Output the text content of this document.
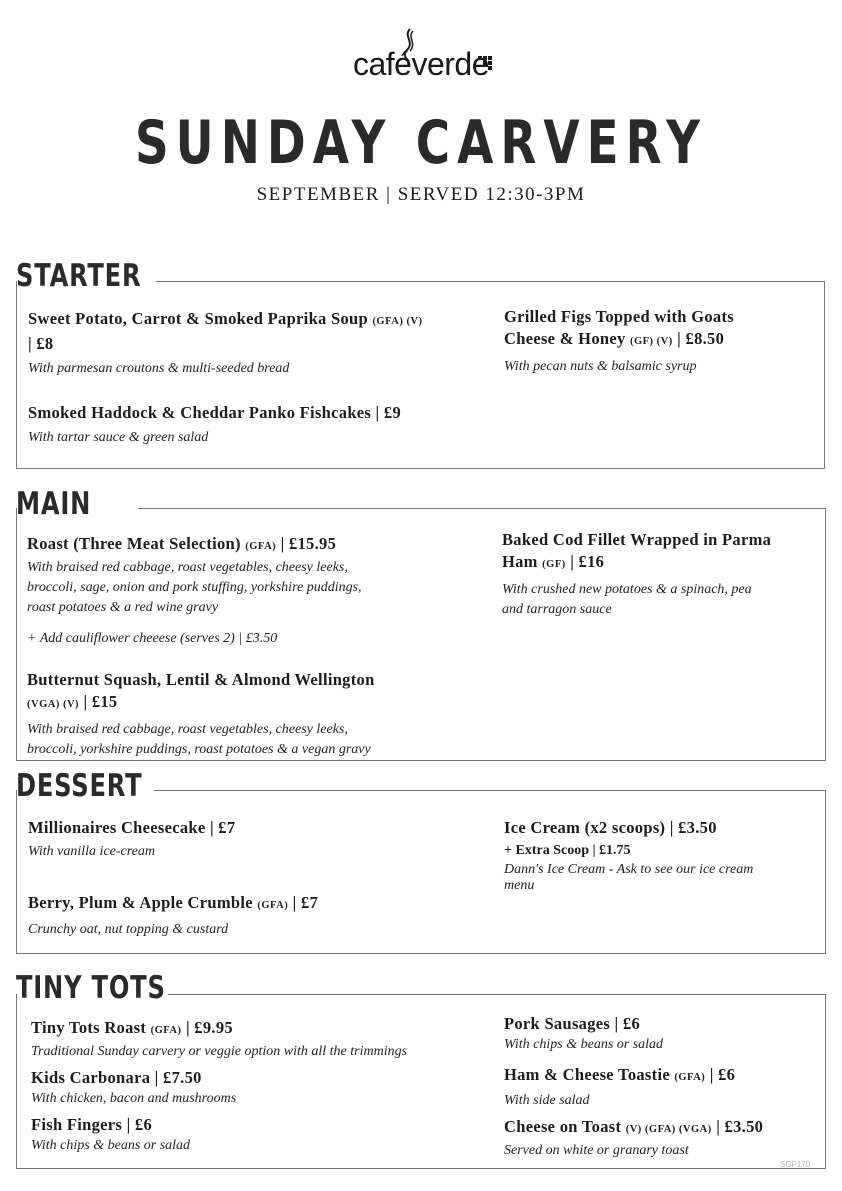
caféverde
SUNDAY CARVERY
SEPTEMBER | SERVED 12:30-3PM
STARTER
Sweet Potato, Carrot & Smoked Paprika Soup (GFA) (V)
| £8
With parmesan croutons & multi-seeded bread
Smoked Haddock & Cheddar Panko Fishcakes | £9
With tartar sauce & green salad
Grilled Figs Topped with Goats
Cheese & Honey (GF) (V) | £8.50
With pecan nuts & balsamic syrup
MAIN
Roast (Three Meat Selection) (GFA) | £15.95
With braised red cabbage, roast vegetables, cheesy leeks,
broccoli, sage, onion and pork stuffing, yorkshire puddings,
roast potatoes & a red wine gravy
+ Add cauliflower cheeese (serves 2) | £3.50
Butternut Squash, Lentil & Almond Wellington
(VGA) (V) | £15
With braised red cabbage, roast vegetables, cheesy leeks,
broccoli, yorkshire puddings, roast potatoes & a vegan gravy
Baked Cod Fillet Wrapped in Parma
Ham (GF) | £16
With crushed new potatoes & a spinach, pea
and tarragon sauce
DESSERT
Millionaires Cheesecake | £7
With vanilla ice-cream
Berry, Plum & Apple Crumble (GFA) | £7
Crunchy oat, nut topping & custard
Ice Cream (x2 scoops) | £3.50
+ Extra Scoop | £1.75
Dann's Ice Cream - Ask to see our ice cream
menu
TINY TOTS
Tiny Tots Roast (GFA) | £9.95
Traditional Sunday carvery or veggie option with all the trimmings
Kids Carbonara | £7.50
With chicken, bacon and mushrooms
Fish Fingers | £6
With chips & beans or salad
Pork Sausages | £6
With chips & beans or salad
Ham & Cheese Toastie (GFA) | £6
With side salad
Cheese on Toast (V) (GFA) (VGA) | £3.50
Served on white or granary toast
SGP170
